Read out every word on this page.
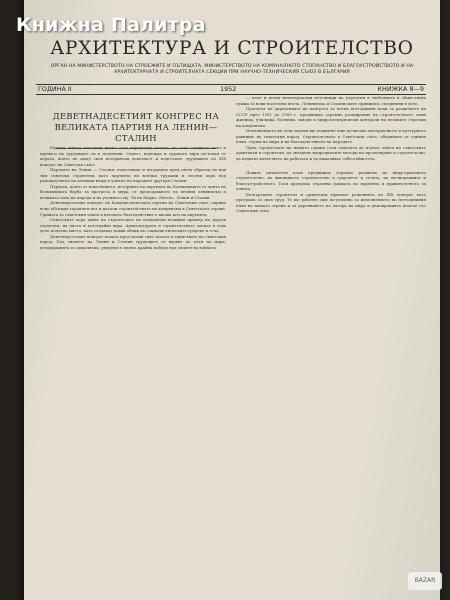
АРХИТЕКТУРА И СТРОИТЕЛСТВО
ОРГАН НА МИНИСТЕРСТВОТО НА СТРОЕЖИТЕ И ПЪТИЩАТА, МИНИСТЕРСТВОТО НА КОМУНАЛНОТО СТОПАНСТВО И БЛАГОУСТРОЙСТВОТО И НА АРХИТЕКТУРНАТА И СТРОИТЕЛНАТА СЕКЦИИ ПРИ НАУЧНО-ТЕХНИЧЕСКИЯ СЪЮЗ В БЪЛГАРИЯ
ГОДИНА II	1952	КНИЖКА 8—9
ДЕВЕТНАДЕСЕТИЯТ КОНГРЕС НА ВЕЛИКАТА ПАРТИЯ НА ЛЕНИН—СТАЛИН

Едикън, някои значения ниско села впредпади могнат, не само стъпваха имат и пренаса на трудащите си в подемени. Съвест, надежда и здравата вяра по-всеки от хората, които не щаде своя ветерански девотност и подготвен, трудящите по ХIХ конгрес на Съветски съюз.

Партията на Ленин — Сталин, подготвила и изградила пред света образец на нов тип съветски строители, като партията на всички трудащи и честни хора под ръководството на великия вожд и учител на народите другаря Сталин.

Първата, която от поколението, историята на партията на Болшевиците от опита на болшевиката борба за прогреса и мира, от преподаването на вечния ленинизъм и великата сила на народа и на учението му. Тя на Маркс, Енгелс, Ленин и Сталин.

Деветнадесетият конгрес на Комунистическата партия на Съветския съюз, опряна ясно обсъжда героичен път и насочи строителството на комунизма в Съветската страна. Грижата за съветския човек и неговото благоденствие е висша цел на партията.

Съветските хора дават на строителите на комунизма великия пример на трудов героизъм, на чиста и всеотдайна вяра. Архитектурата и строителството заемат в това дело почетно място, като създават новия облик на социалистическите градове и села.

Деветнадесетият конгрес показа пред целия свят силата и единството на съветския народ. Под знамето на Ленин и Сталин трудещите се вървят по пътя на мира, демокрацията и социализма, уверени в своята крайна победа над силите на войната.

— поле и всеки неизчерпаеми източници на учредени в свободната и обществена грижа за нови населени места. Ленинизма и Сталинските принципи, съединени в дело.

Проектът на директивите на конгреса за петия петгодишен план за развитието на СССР през 1951 до 1955 г. предвижда огромно разширение на строителството: нови жилища, училища, болници, заводи и хидроелектрически централи на великите строежи на комунизма.

Изпълнението на тези задачи ще повдигне още по-високо материалното и културното равнище на съветския народ. Строителството в Съветския съюз, обединено от единен план, служи на мира и на благоденствието на народите.

Пред строителите на нашата страна стои задачата да изучат опита на съветските архитекти и строители, да овладеят напредналите методи на проектиране и строителство, да издигат качеството на работата и да намаляват себестойността.

Новият пятилетен план предвижда огромно развитие на индустриалното строителство, на жилищното строителство в градовете и селата, на мелиорациите и благоустройството. Тази програма отразява грижата на партията и правителството за човека.

Българските строители и архитекти приемат решенията на XIX конгрес като програма за своя труд. Те ще работят още по-усилено за изпълнението на петгодишния план на нашата страна и за укрепването на лагера на мира и демокрацията начело със Съветския съюз.

Книжна Палитра
BAZAR
